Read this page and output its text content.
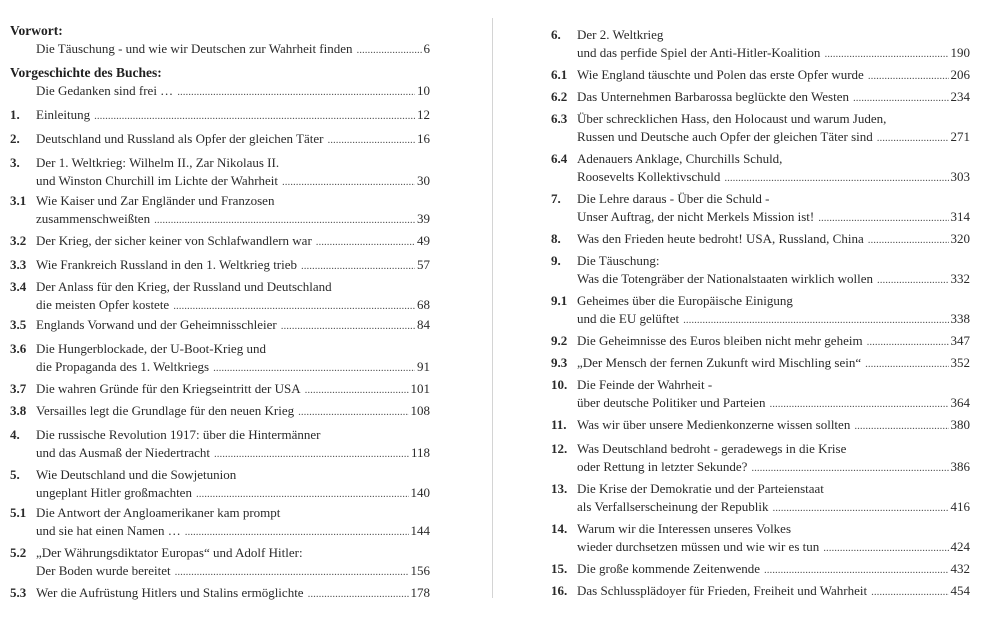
Vorwort:
Die Täuschung - und wie wir Deutschen zur Wahrheit finden .....	6
Vorgeschichte des Buches:
Die Gedanken sind frei … .....	10
1.	Einleitung .....	12
2.	Deutschland und Russland als Opfer der gleichen Täter .....	16
3.	Der 1. Weltkrieg: Wilhelm II., Zar Nikolaus II.
und Winston Churchill im Lichte der Wahrheit .....	30
3.1 Wie Kaiser und Zar Engländer und Franzosen
zusammenschweißten .....	39
3.2 Der Krieg, der sicher keiner von Schlafwandlern war .....	49
3.3 Wie Frankreich Russland in den 1. Weltkrieg trieb .....	57
3.4 Der Anlass für den Krieg, der Russland und Deutschland
die meisten Opfer kostete .....	68
3.5 Englands Vorwand und der Geheimnisschleier .....	84
3.6 Die Hungerblockade, der U-Boot-Krieg und
die Propaganda des 1. Weltkriegs .....	91
3.7 Die wahren Gründe für den Kriegseintritt der USA .....	101
3.8 Versailles legt die Grundlage für den neuen Krieg .....	108
4.	Die russische Revolution 1917: über die Hintermänner
und das Ausmaß der Niedertracht .....	118
5.	Wie Deutschland und die Sowjetunion
ungeplant Hitler großmachten .....	140
5.1 Die Antwort der Angloamerikaner kam prompt
und sie hat einen Namen … .....	144
5.2 „Der Währungsdiktator Europas“ und Adolf Hitler:
Der Boden wurde bereitet .....	156
5.3 Wer die Aufrüstung Hitlers und Stalins ermöglichte .....	178
6.	Der 2. Weltkrieg
und das perfide Spiel der Anti-Hitler-Koalition .....	190
6.1 Wie England täuschte und Polen das erste Opfer wurde .....	206
6.2 Das Unternehmen Barbarossa beglückte den Westen .....	234
6.3 Über schrecklichen Hass, den Holocaust und warum Juden,
Russen und Deutsche auch Opfer der gleichen Täter sind .....	271
6.4 Adenauers Anklage, Churchills Schuld,
Roosevelts Kollektivschuld .....	303
7.	Die Lehre daraus - Über die Schuld -
Unser Auftrag, der nicht Merkels Mission ist! .....	314
8.	Was den Frieden heute bedroht! USA, Russland, China .....	320
9.	Die Täuschung:
Was die Totengräber der Nationalstaaten wirklich wollen .....	332
9.1 Geheimes über die Europäische Einigung
und die EU gelüftet .....	338
9.2 Die Geheimnisse des Euros bleiben nicht mehr geheim .....	347
9.3 „Der Mensch der fernen Zukunft wird Mischling sein“ .....	352
10. Die Feinde der Wahrheit -
über deutsche Politiker und Parteien .....	364
11. Was wir über unsere Medienkonzerne wissen sollten .....	380
12. Was Deutschland bedroht - geradewegs in die Krise
oder Rettung in letzter Sekunde? .....	386
13. Die Krise der Demokratie und der Parteienstaat
als Verfallserscheinung der Republik .....	416
14. Warum wir die Interessen unseres Volkes
wieder durchsetzen müssen und wie wir es tun .....	424
15. Die große kommende Zeitenwende .....	432
16. Das Schlussplädoyer für Frieden, Freiheit und Wahrheit .....	454
